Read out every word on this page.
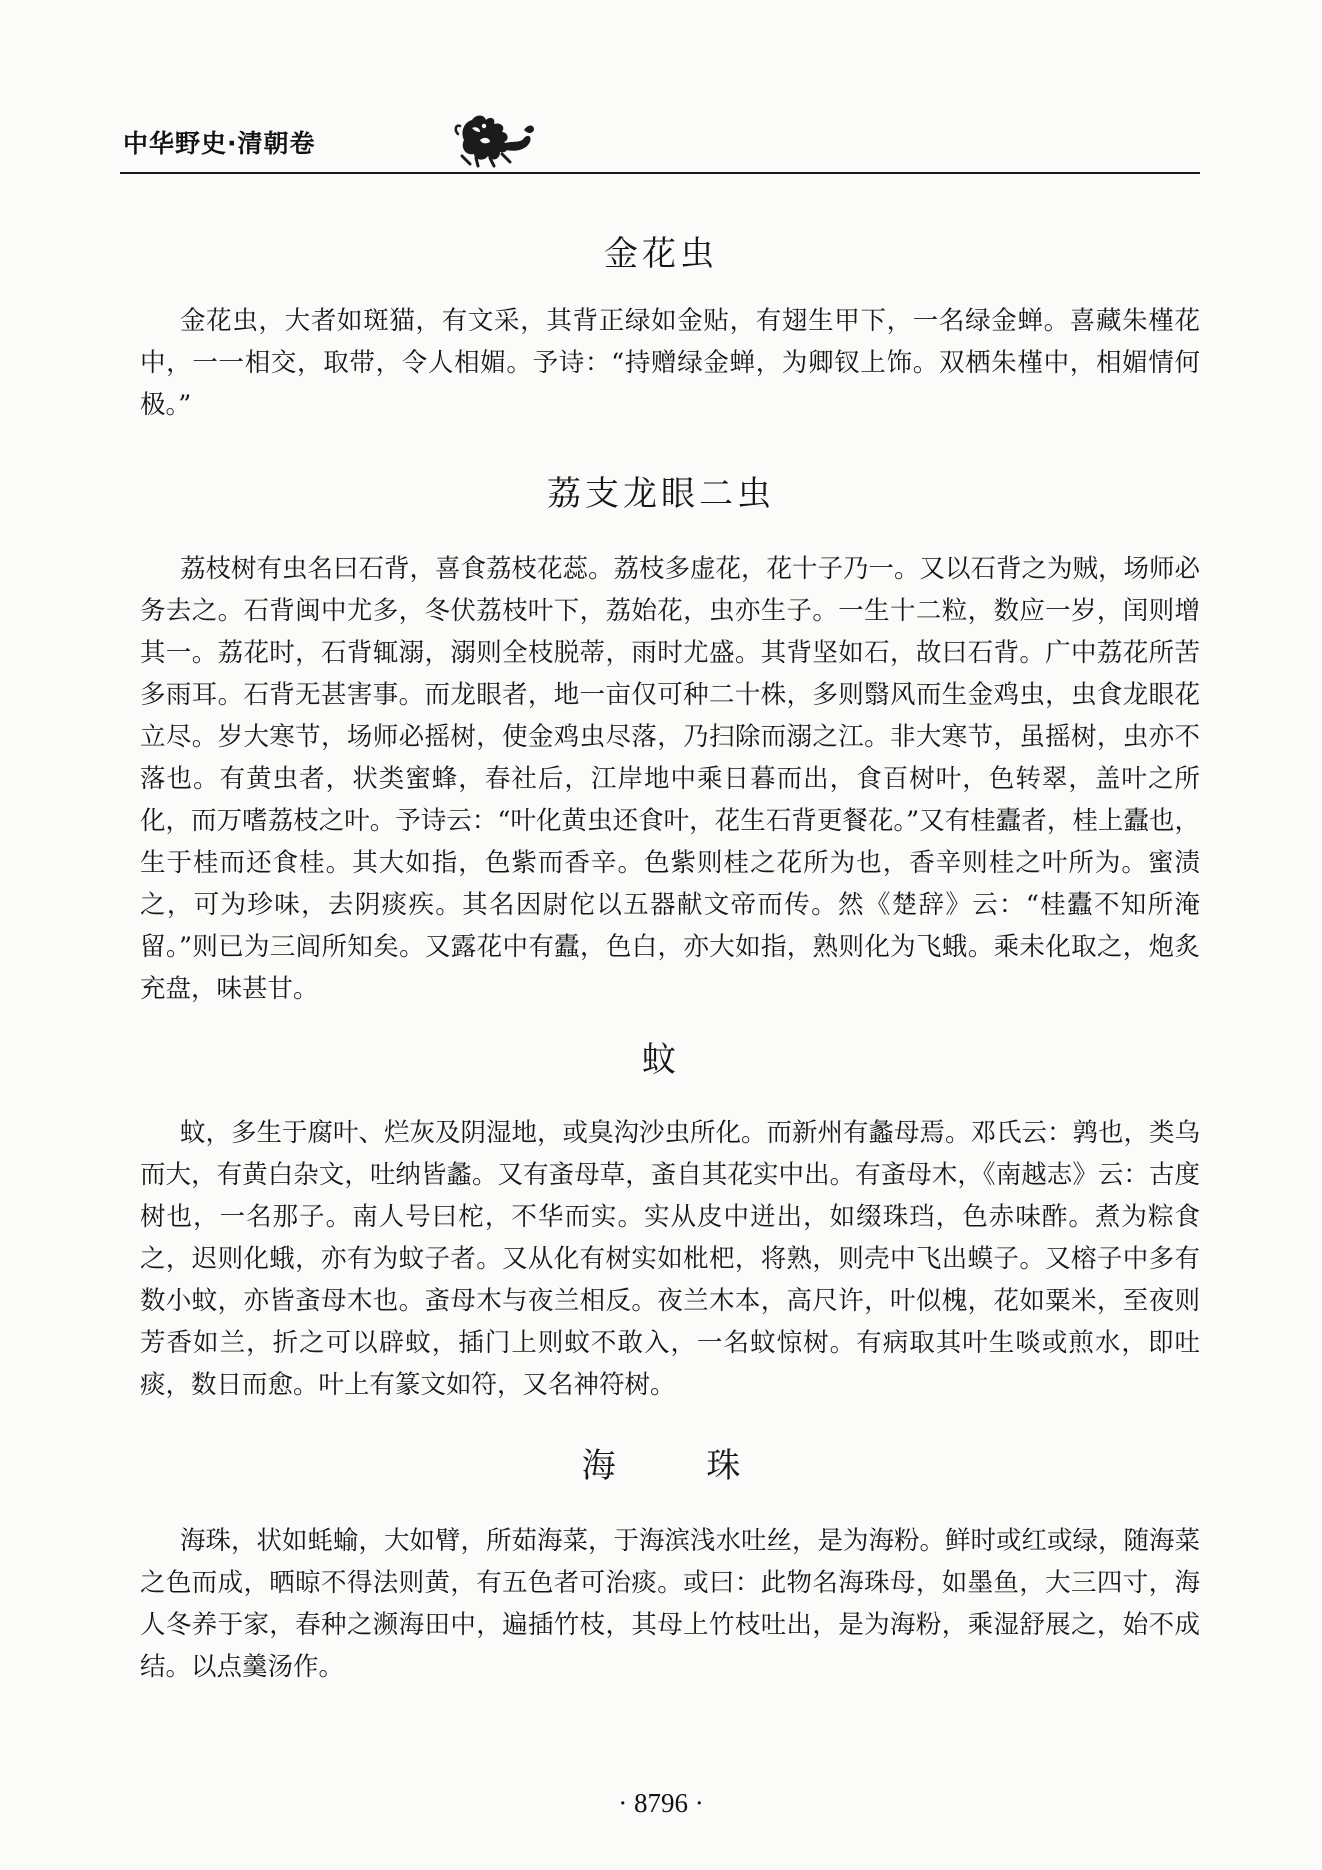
中华野史·清朝卷
金花虫

金花虫，大者如斑猫，有文采，其背正绿如金贴，有翅生甲下，一名绿金蝉。喜藏朱槿花中，一一相交，取带，令人相媚。予诗：“持赠绿金蝉，为卿钗上饰。双栖朱槿中，相媚情何极。”

荔支龙眼二虫

荔枝树有虫名曰石背，喜食荔枝花蕊。荔枝多虚花，花十子乃一。又以石背之为贼，场师必务去之。石背闽中尤多，冬伏荔枝叶下，荔始花，虫亦生子。一生十二粒，数应一岁，闰则增其一。荔花时，石背辄溺，溺则全枝脱蒂，雨时尤盛。其背坚如石，故曰石背。广中荔花所苦多雨耳。石背无甚害事。而龙眼者，地一亩仅可种二十株，多则翳风而生金鸡虫，虫食龙眼花立尽。岁大寒节，场师必摇树，使金鸡虫尽落，乃扫除而溺之江。非大寒节，虽摇树，虫亦不落也。有黄虫者，状类蜜蜂，春社后，江岸地中乘日暮而出，食百树叶，色转翠，盖叶之所化，而万嗜荔枝之叶。予诗云：“叶化黄虫还食叶，花生石背更餐花。”又有桂蠹者，桂上蠹也，生于桂而还食桂。其大如指，色紫而香辛。色紫则桂之花所为也，香辛则桂之叶所为。蜜渍之，可为珍味，去阴痰疾。其名因尉佗以五器献文帝而传。然《楚辞》云：“桂蠹不知所淹留。”则已为三闾所知矣。又露花中有蠹，色白，亦大如指，熟则化为飞蛾。乘未化取之，炮炙充盘，味甚甘。

蚊

蚊，多生于腐叶、烂灰及阴湿地，或臭沟沙虫所化。而新州有蠡母焉。邓氏云：鹑也，类乌而大，有黄白杂文，吐纳皆蠡。又有蚉母草，蚉自其花实中出。有蚉母木，《南越志》云：古度树也，一名那子。南人号曰柁，不华而实。实从皮中迸出，如缀珠珰，色赤味酢。煮为粽食之，迟则化蛾，亦有为蚊子者。又从化有树实如枇杷，将熟，则壳中飞出蟆子。又榕子中多有数小蚊，亦皆蚉母木也。蚉母木与夜兰相反。夜兰木本，高尺许，叶似槐，花如粟米，至夜则芳香如兰，折之可以辟蚊，插门上则蚊不敢入，一名蚊惊树。有病取其叶生啖或煎水，即吐痰，数日而愈。叶上有篆文如符，又名神符树。

海 珠

海珠，状如蚝蝓，大如臂，所茹海菜，于海滨浅水吐丝，是为海粉。鲜时或红或绿，随海菜之色而成，晒晾不得法则黄，有五色者可治痰。或曰：此物名海珠母，如墨鱼，大三四寸，海人冬养于家，春种之濒海田中，遍插竹枝，其母上竹枝吐出，是为海粉，乘湿舒展之，始不成结。以点羹汤作。

· 8796 ·
